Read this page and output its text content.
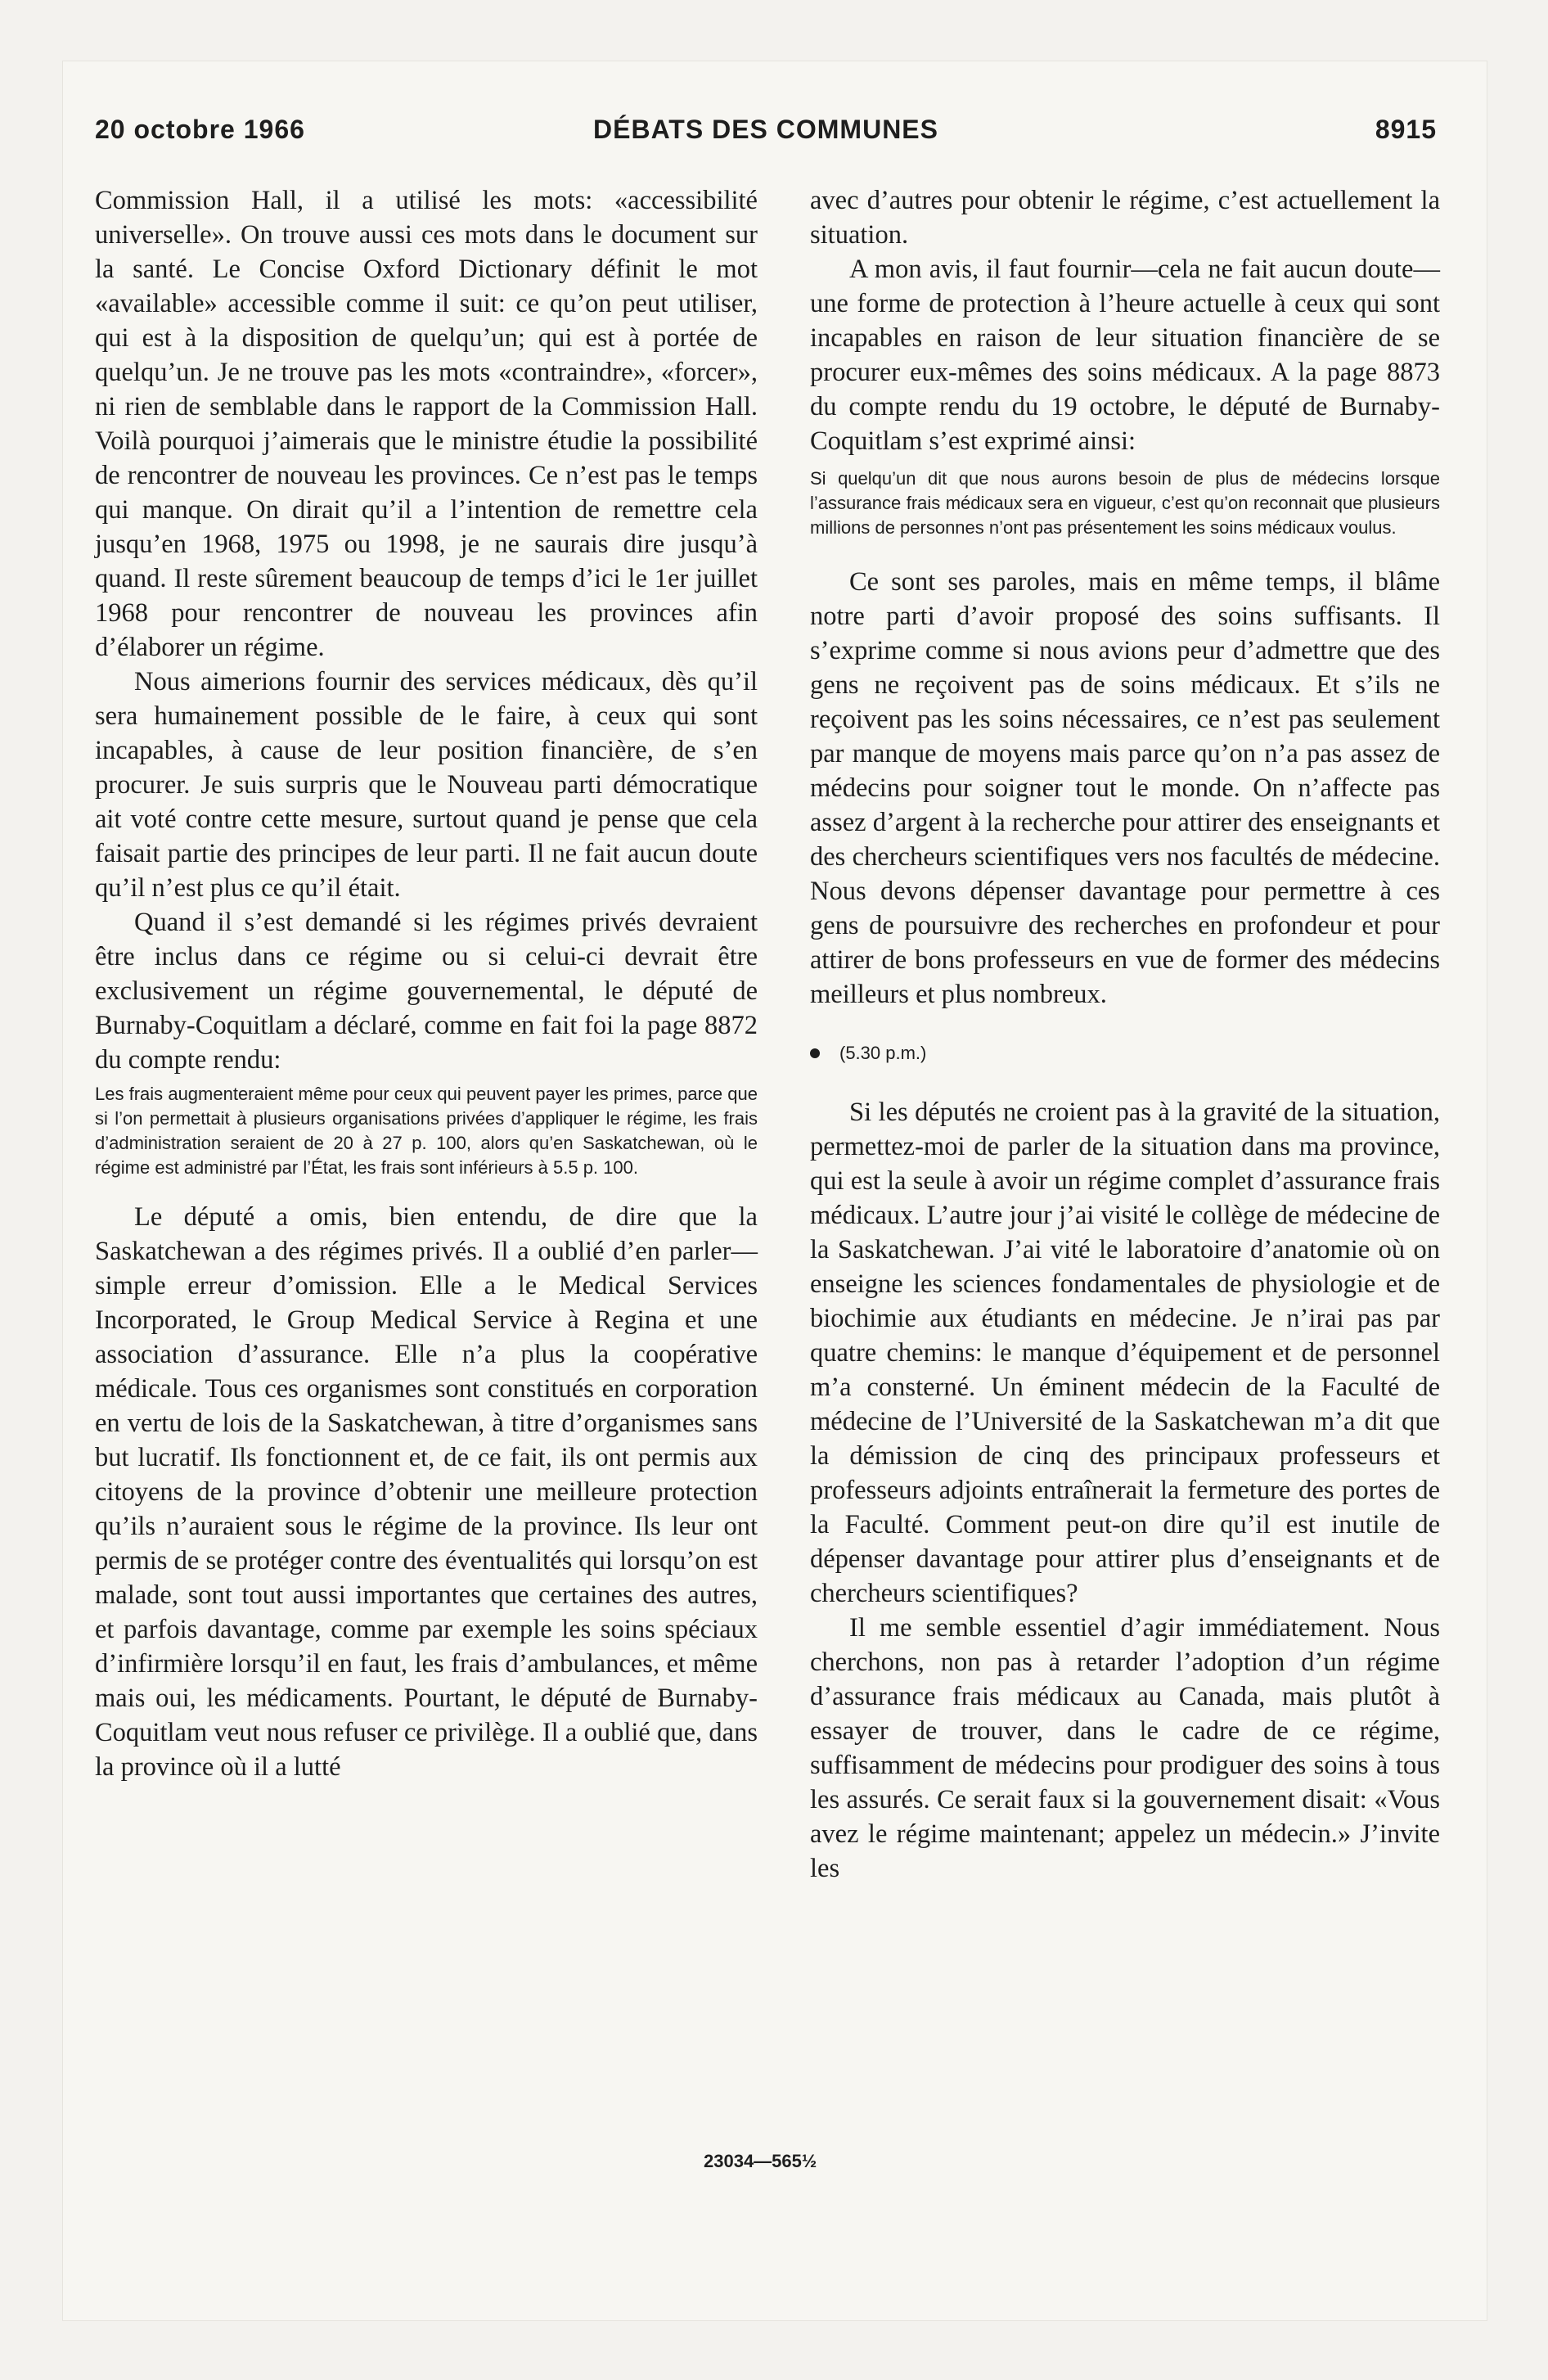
20 octobre 1966	DÉBATS DES COMMUNES	8915

Commission Hall, il a utilisé les mots: «accessibilité universelle». On trouve aussi ces mots dans le document sur la santé. Le Concise Oxford Dictionary définit le mot «available» accessible comme il suit: ce qu’on peut utiliser, qui est à la disposition de quelqu’un; qui est à portée de quelqu’un. Je ne trouve pas les mots «contraindre», «forcer», ni rien de semblable dans le rapport de la Commission Hall. Voilà pourquoi j’aimerais que le ministre étudie la possibilité de rencontrer de nouveau les provinces. Ce n’est pas le temps qui manque. On dirait qu’il a l’intention de remettre cela jusqu’en 1968, 1975 ou 1998, je ne saurais dire jusqu’à quand. Il reste sûrement beaucoup de temps d’ici le 1er juillet 1968 pour rencontrer de nouveau les provinces afin d’élaborer un régime.

Nous aimerions fournir des services médicaux, dès qu’il sera humainement possible de le faire, à ceux qui sont incapables, à cause de leur position financière, de s’en procurer. Je suis surpris que le Nouveau parti démocratique ait voté contre cette mesure, surtout quand je pense que cela faisait partie des principes de leur parti. Il ne fait aucun doute qu’il n’est plus ce qu’il était.

Quand il s’est demandé si les régimes privés devraient être inclus dans ce régime ou si celui-ci devrait être exclusivement un régime gouvernemental, le député de Burnaby-Coquitlam a déclaré, comme en fait foi la page 8872 du compte rendu:

Les frais augmenteraient même pour ceux qui peuvent payer les primes, parce que si l’on permettait à plusieurs organisations privées d’appliquer le régime, les frais d’administration seraient de 20 à 27 p. 100, alors qu’en Saskatchewan, où le régime est administré par l’État, les frais sont inférieurs à 5.5 p. 100.

Le député a omis, bien entendu, de dire que la Saskatchewan a des régimes privés. Il a oublié d’en parler—simple erreur d’omission. Elle a le Medical Services Incorporated, le Group Medical Service à Regina et une association d’assurance. Elle n’a plus la coopérative médicale. Tous ces organismes sont constitués en corporation en vertu de lois de la Saskatchewan, à titre d’organismes sans but lucratif. Ils fonctionnent et, de ce fait, ils ont permis aux citoyens de la province d’obtenir une meilleure protection qu’ils n’auraient sous le régime de la province. Ils leur ont permis de se protéger contre des éventualités qui lorsqu’on est malade, sont tout aussi importantes que certaines des autres, et parfois davantage, comme par exemple les soins spéciaux d’infirmière lorsqu’il en faut, les frais d’ambulances, et même mais oui, les médicaments. Pourtant, le député de Burnaby-Coquitlam veut nous refuser ce privilège. Il a oublié que, dans la province où il a lutté

avec d’autres pour obtenir le régime, c’est actuellement la situation.

A mon avis, il faut fournir—cela ne fait aucun doute—une forme de protection à l’heure actuelle à ceux qui sont incapables en raison de leur situation financière de se procurer eux-mêmes des soins médicaux. A la page 8873 du compte rendu du 19 octobre, le député de Burnaby-Coquitlam s’est exprimé ainsi:

Si quelqu’un dit que nous aurons besoin de plus de médecins lorsque l’assurance frais médicaux sera en vigueur, c’est qu’on reconnait que plusieurs millions de personnes n’ont pas présentement les soins médicaux voulus.

Ce sont ses paroles, mais en même temps, il blâme notre parti d’avoir proposé des soins suffisants. Il s’exprime comme si nous avions peur d’admettre que des gens ne reçoivent pas de soins médicaux. Et s’ils ne reçoivent pas les soins nécessaires, ce n’est pas seulement par manque de moyens mais parce qu’on n’a pas assez de médecins pour soigner tout le monde. On n’affecte pas assez d’argent à la recherche pour attirer des enseignants et des chercheurs scientifiques vers nos facultés de médecine. Nous devons dépenser davantage pour permettre à ces gens de poursuivre des recherches en profondeur et pour attirer de bons professeurs en vue de former des médecins meilleurs et plus nombreux.

(5.30 p.m.)

Si les députés ne croient pas à la gravité de la situation, permettez-moi de parler de la situation dans ma province, qui est la seule à avoir un régime complet d’assurance frais médicaux. L’autre jour j’ai visité le collège de médecine de la Saskatchewan. J’ai vité le laboratoire d’anatomie où on enseigne les sciences fondamentales de physiologie et de biochimie aux étudiants en médecine. Je n’irai pas par quatre chemins: le manque d’équipement et de personnel m’a consterné. Un éminent médecin de la Faculté de médecine de l’Université de la Saskatchewan m’a dit que la démission de cinq des principaux professeurs et professeurs adjoints entraînerait la fermeture des portes de la Faculté. Comment peut-on dire qu’il est inutile de dépenser davantage pour attirer plus d’enseignants et de chercheurs scientifiques?

Il me semble essentiel d’agir immédiatement. Nous cherchons, non pas à retarder l’adoption d’un régime d’assurance frais médicaux au Canada, mais plutôt à essayer de trouver, dans le cadre de ce régime, suffisamment de médecins pour prodiguer des soins à tous les assurés. Ce serait faux si la gouvernement disait: «Vous avez le régime maintenant; appelez un médecin.» J’invite les

23034—565½
